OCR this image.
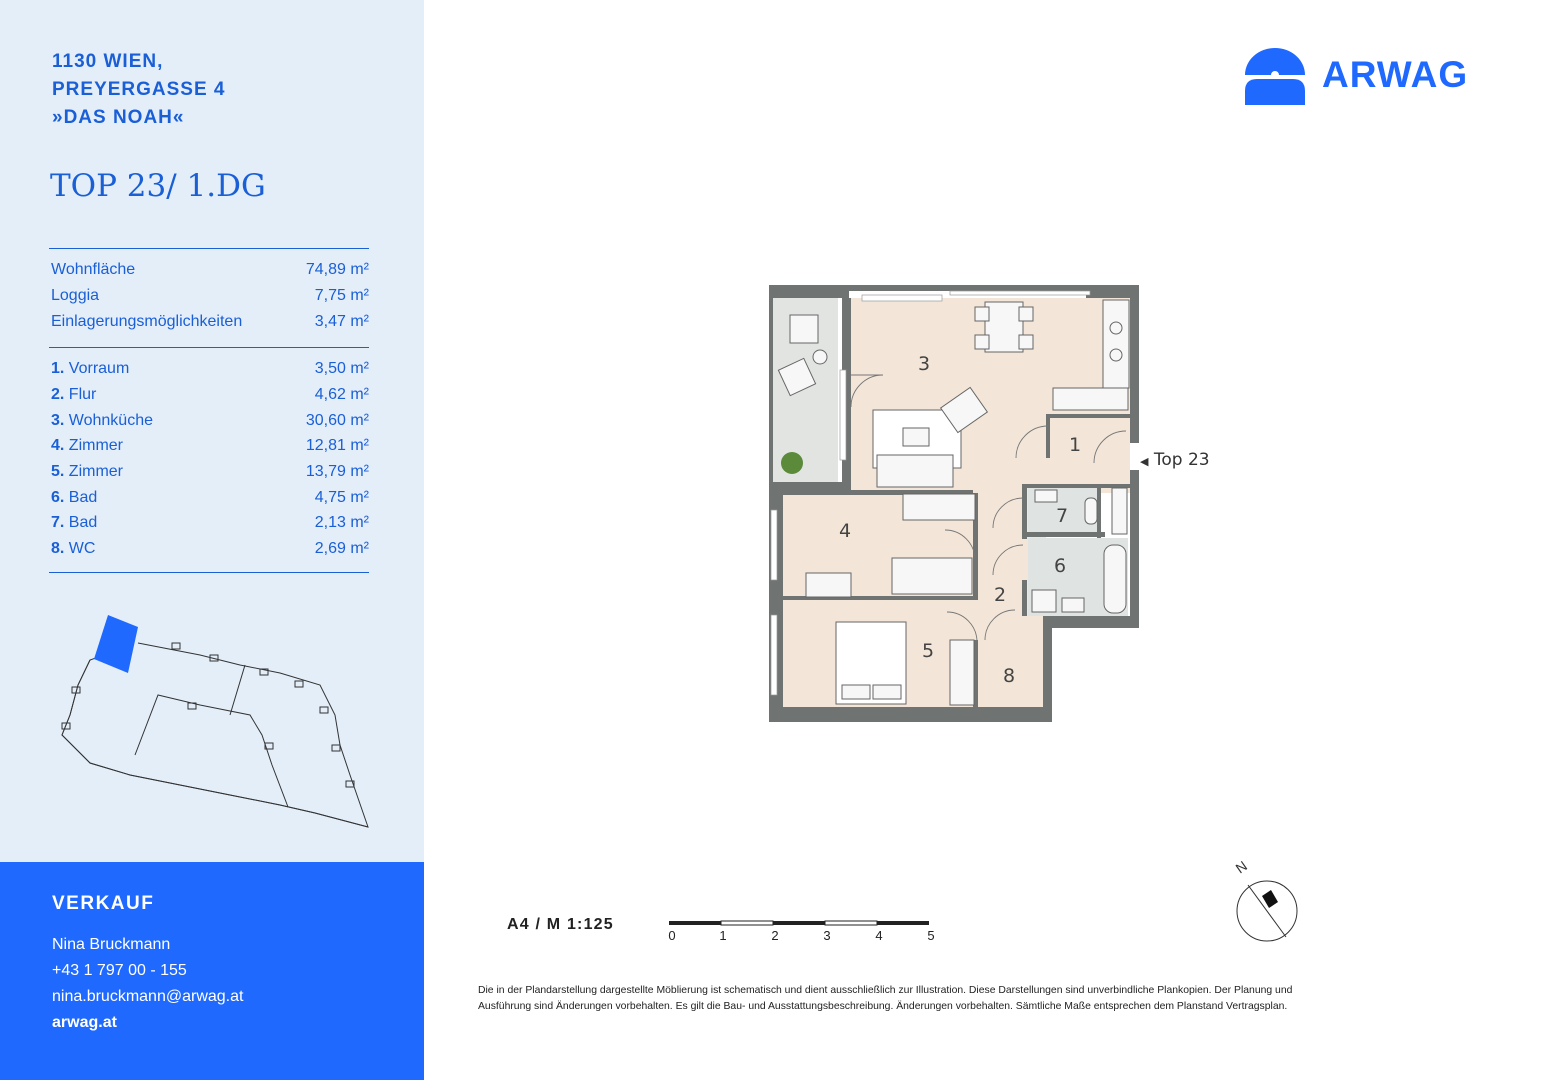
1130 WIEN,
PREYERGASSE 4
»DAS NOAH«
TOP 23/ 1.DG
Wohnfläche	74,89 m²
Loggia	7,75 m²
Einlagerungsmöglichkeiten	3,47 m²
1. Vorraum	3,50 m²
2. Flur	4,62 m²
3. Wohnküche	30,60 m²
4. Zimmer	12,81 m²
5. Zimmer	13,79 m²
6. Bad	4,75 m²
7. Bad	2,13 m²
8. WC	2,69 m²
VERKAUF
Nina Bruckmann
+43 1 797 00 - 155
nina.bruckmann@arwag.at
arwag.at
ARWAG
1
2
3
4
5
6
7
8
◀ Top 23
A4 / M 1:125
0	1	2	3	4	5
N
Die in der Plandarstellung dargestellte Möblierung ist schematisch und dient ausschließlich zur Illustration. Diese Darstellungen sind unverbindliche Plankopien. Der Planung und Ausführung sind Änderungen vorbehalten. Es gilt die Bau- und Ausstattungsbeschreibung. Änderungen vorbehalten. Sämtliche Maße entsprechen dem Planstand Vertragsplan.
